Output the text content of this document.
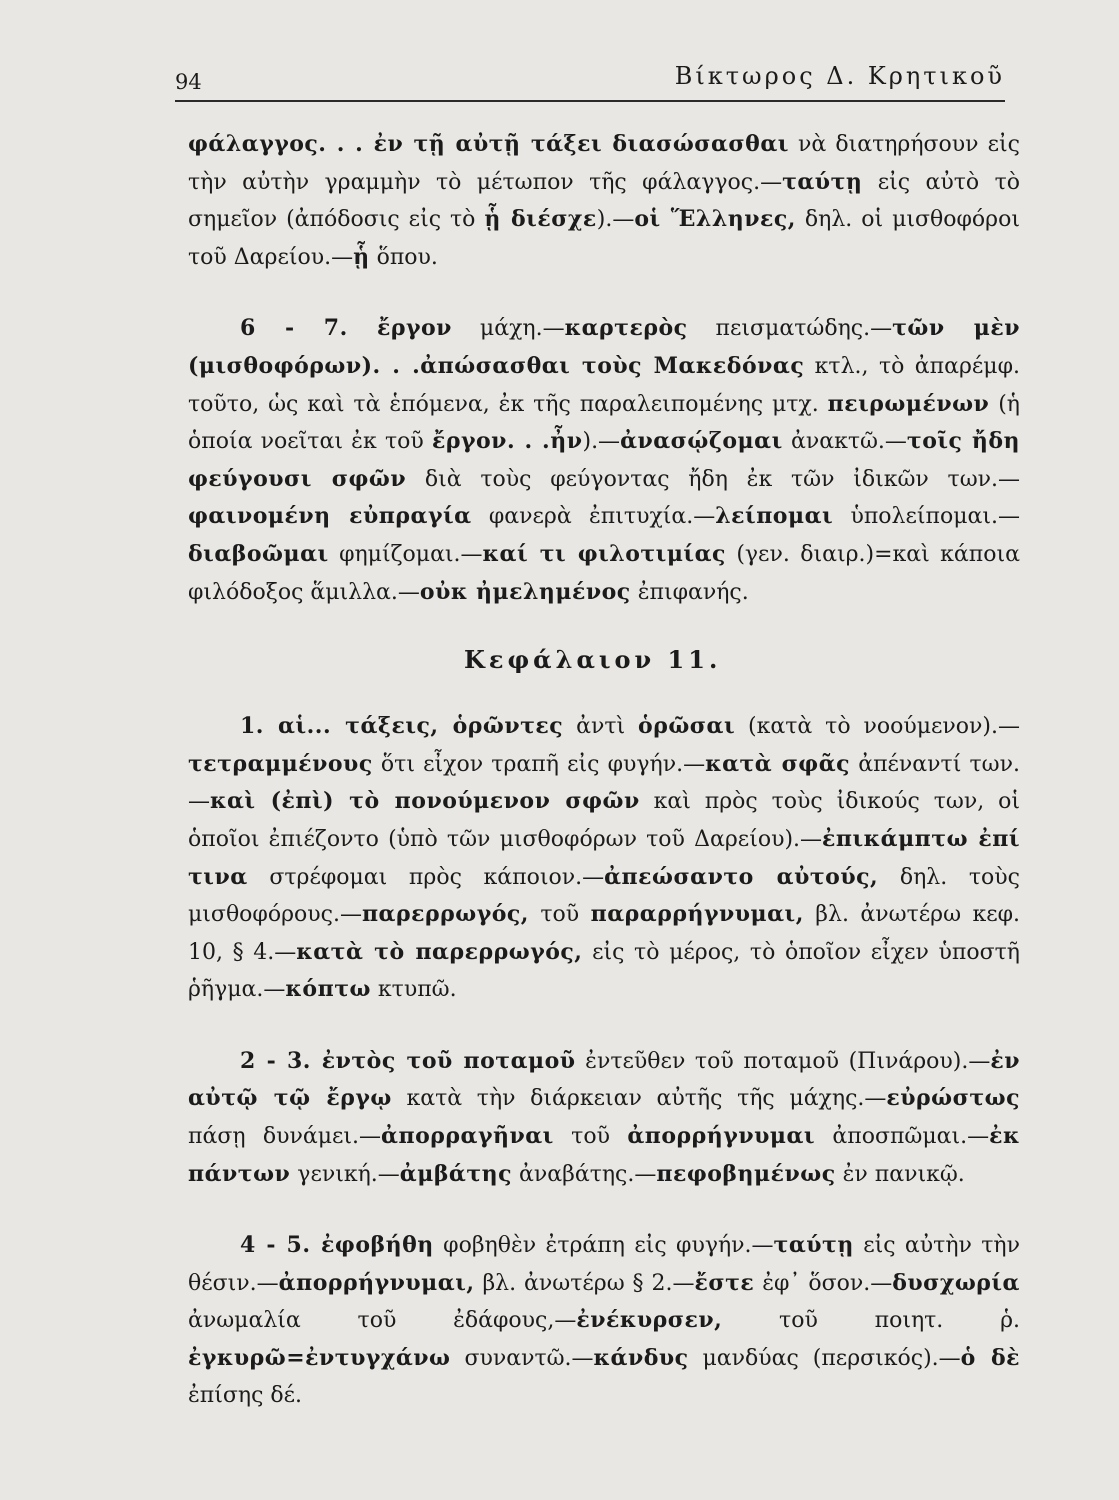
94	Βίκτωρος Δ. Κρητικοῦ

φάλαγγος. . . ἐν τῇ αὐτῇ τάξει διασώσασθαι νὰ διατηρήσουν εἰς τὴν αὐτὴν γραμμὴν τὸ μέτωπον τῆς φάλαγγος.—ταύτῃ εἰς αὐτὸ τὸ σημεῖον (ἀπόδοσις εἰς τὸ ᾗ διέσχε).—οἱ Ἕλληνες, δηλ. οἱ μισθοφόροι τοῦ Δαρείου.—ᾗ ὅπου.

6 - 7. ἔργον μάχη.—καρτερὸς πεισματώδης.—τῶν μὲν (μισθοφόρων). . .ἀπώσασθαι τοὺς Μακεδόνας κτλ., τὸ ἀπαρέμφ. τοῦτο, ὡς καὶ τὰ ἑπόμενα, ἐκ τῆς παραλειπομένης μτχ. πειρωμένων (ἡ ὁποία νοεῖται ἐκ τοῦ ἔργον. . .ἦν).—ἀνασῴζομαι ἀνακτῶ.—τοῖς ἤδη φεύγουσι σφῶν διὰ τοὺς φεύγοντας ἤδη ἐκ τῶν ἰδικῶν των.—φαινομένη εὐπραγία φανερὰ ἐπιτυχία.—λείπομαι ὑπολείπομαι.—διαβοῶμαι φημίζομαι.—καί τι φιλοτιμίας (γεν. διαιρ.)=καὶ κάποια φιλόδοξος ἅμιλλα.—οὐκ ἠμελημένος ἐπιφανής.

Κεφάλαιον 11.

1. αἱ... τάξεις, ὁρῶντες ἀντὶ ὁρῶσαι (κατὰ τὸ νοούμενον).—τετραμμένους ὅτι εἶχον τραπῆ εἰς φυγήν.—κατὰ σφᾶς ἀπέναντί των.—καὶ (ἐπὶ) τὸ πονούμενον σφῶν καὶ πρὸς τοὺς ἰδικούς των, οἱ ὁποῖοι ἐπιέζοντο (ὑπὸ τῶν μισθοφόρων τοῦ Δαρείου).—ἐπικάμπτω ἐπί τινα στρέφομαι πρὸς κάποιον.—ἀπεώσαντο αὐτούς, δηλ. τοὺς μισθοφόρους.—παρερρωγός, τοῦ παραρρήγνυμαι, βλ. ἀνωτέρω κεφ. 10, § 4.—κατὰ τὸ παρερρωγός, εἰς τὸ μέρος, τὸ ὁποῖον εἶχεν ὑποστῆ ῥῆγμα.—κόπτω κτυπῶ.

2 - 3. ἐντὸς τοῦ ποταμοῦ ἐντεῦθεν τοῦ ποταμοῦ (Πινάρου).—ἐν αὐτῷ τῷ ἔργῳ κατὰ τὴν διάρκειαν αὐτῆς τῆς μάχης.—εὐρώστως πάσῃ δυνάμει.—ἀπορραγῆναι τοῦ ἀπορρήγνυμαι ἀποσπῶμαι.—ἐκ πάντων γενική.—ἀμβάτης ἀναβάτης.—πεφοβημένως ἐν πανικῷ.

4 - 5. ἐφοβήθη φοβηθὲν ἐτράπη εἰς φυγήν.—ταύτῃ εἰς αὐτὴν τὴν θέσιν.—ἀπορρήγνυμαι, βλ. ἀνωτέρω § 2.—ἔστε ἐφ᾽ ὅσον.—δυσχωρία ἀνωμαλία τοῦ ἐδάφους,—ἐνέκυρσεν, τοῦ ποιητ. ῥ. ἐγκυρῶ=ἐντυγχάνω συναντῶ.—κάνδυς μανδύας (περσικός).—ὁ δὲ ἐπίσης δέ.
